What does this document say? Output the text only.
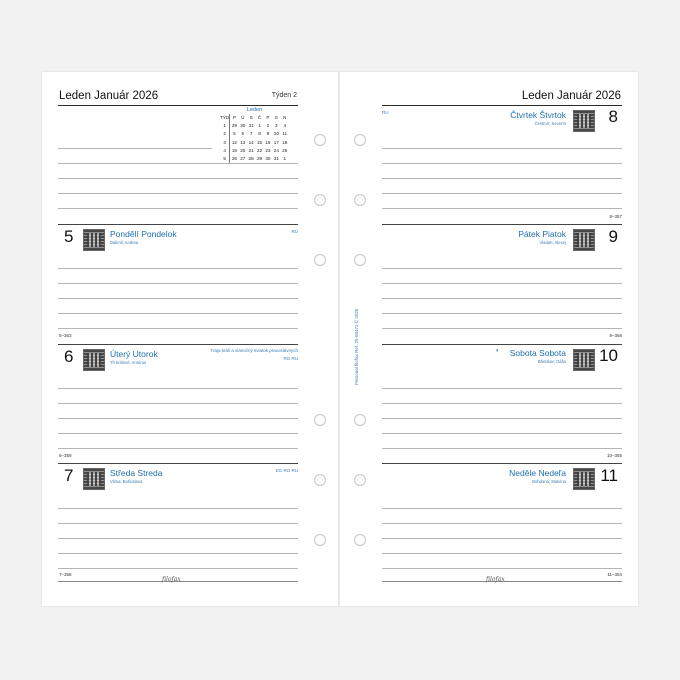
Leden Január 2026	Týden 2
Leden
TÝD	P	Ú	S	Č	P	S	N
1	29	30	31	1	2	3	4
2	5	6	7	8	9	10	11
3	12	13	14	15	16	17	18
4	19	20	21	22	23	24	25
5	26	27	28	29	30	31	1
5	Pondělí Pondelok
Dalimil; Andrea
RU
5–363
6	Úterý Utorok
Tři králové; Antónia
Traja králi a vianočný sviatok pravoslávnych
RO RU
6–359
7	Středa Streda
Vilma; Bohuslava
EG RO RU
7–358
filofax
Leden Január 2026
RU	Čtvrtek Štvrtok
Čestmír; Severín	8
8–357
Pátek Piatok
Vladan; Alexej	9
9–356
◑ Sobota Sobota
Břetislav; Dáša 10
10–355
Neděle Nedeľa
Bohdana; Malvína 11
11–354
filofax
Personal filofax Ref. 25-68471 © 2026
